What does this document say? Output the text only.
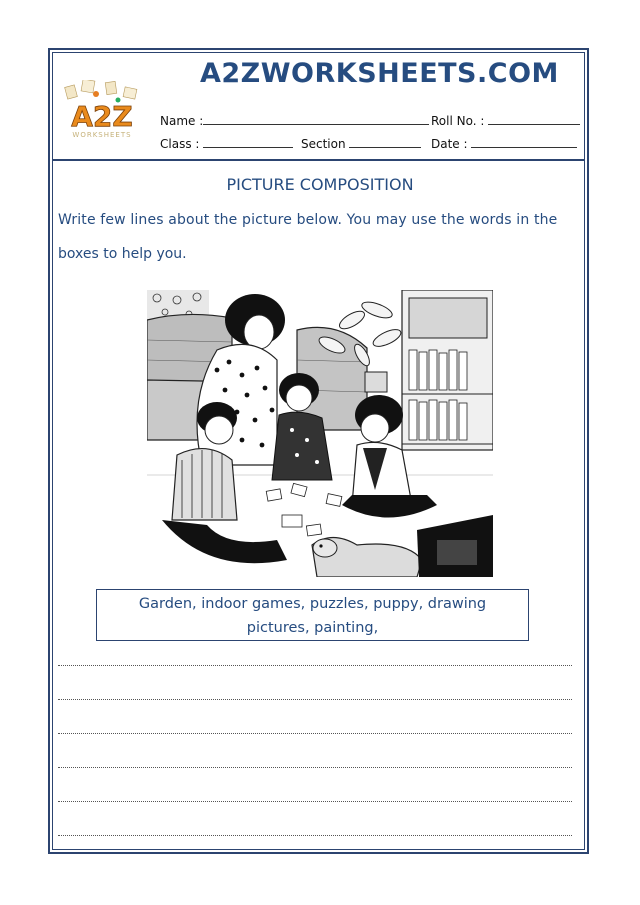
A2Z
WORKSHEETS
A2ZWORKSHEETS.COM
Name :	Roll No. :
Class :	Section	Date :
PICTURE COMPOSITION
Write few lines about the picture below. You may use the words in the
boxes to help you.
Garden, indoor games, puzzles, puppy, drawing
pictures, painting,
